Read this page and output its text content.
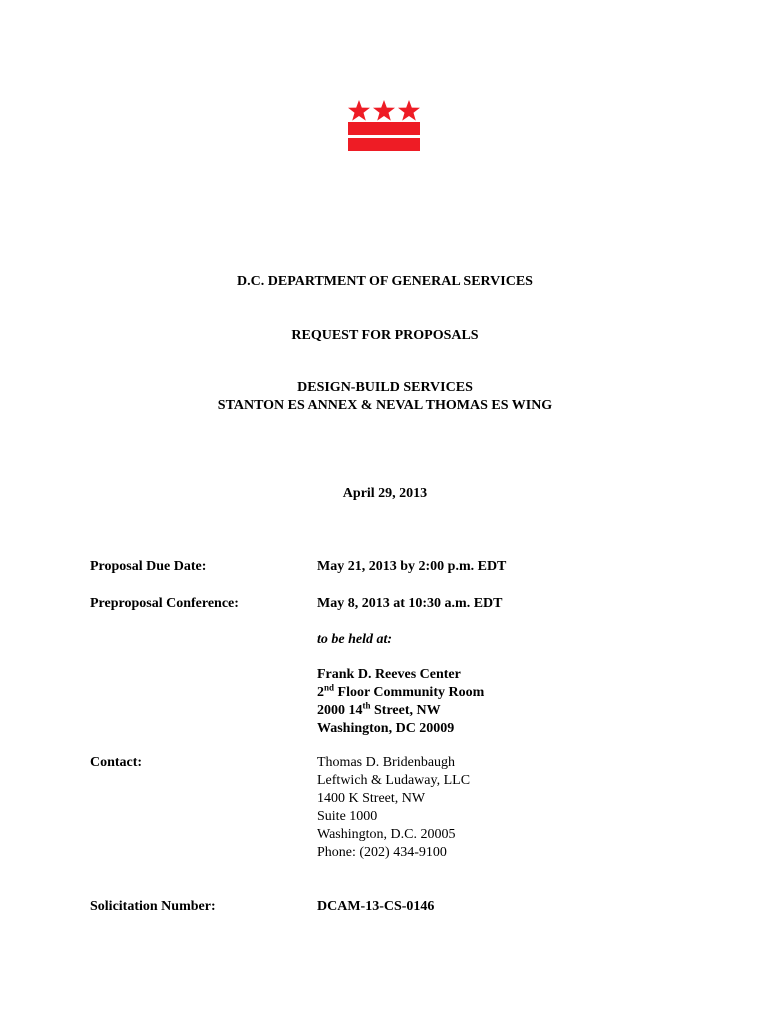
D.C. DEPARTMENT OF GENERAL SERVICES
REQUEST FOR PROPOSALS
DESIGN-BUILD SERVICES
STANTON ES ANNEX & NEVAL THOMAS ES WING
April 29, 2013
Proposal Due Date:	May 21, 2013 by 2:00 p.m. EDT
Preproposal Conference:	May 8, 2013 at 10:30 a.m. EDT
to be held at:
Frank D. Reeves Center
2nd Floor Community Room
2000 14th Street, NW
Washington, DC 20009
Contact:	Thomas D. Bridenbaugh
Leftwich & Ludaway, LLC
1400 K Street, NW
Suite 1000
Washington, D.C. 20005
Phone: (202) 434-9100
Solicitation Number:	DCAM-13-CS-0146
